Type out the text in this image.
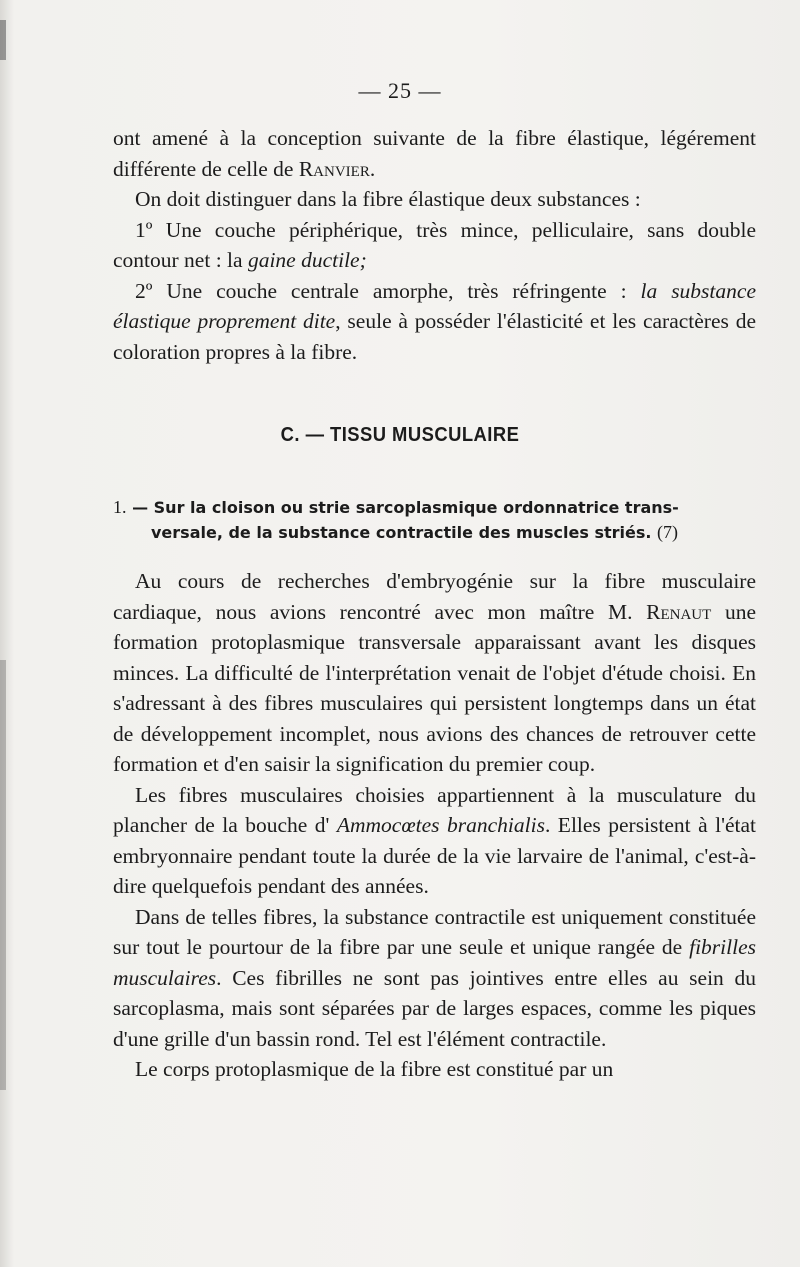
— 25 —

ont amené à la conception suivante de la fibre élastique, légérement différente de celle de Ranvier.

On doit distinguer dans la fibre élastique deux substances :

1º Une couche périphérique, très mince, pelliculaire, sans double contour net : la gaine ductile;

2º Une couche centrale amorphe, très réfringente : la substance élastique proprement dite, seule à posséder l'élasticité et les caractères de coloration propres à la fibre.

C. — TISSU MUSCULAIRE
1. — Sur la cloison ou strie sarcoplasmique ordonnatrice trans-
versale, de la substance contractile des muscles striés. (7)

Au cours de recherches d'embryogénie sur la fibre musculaire cardiaque, nous avions rencontré avec mon maître M. Renaut une formation protoplasmique transversale apparaissant avant les disques minces. La difficulté de l'interprétation venait de l'objet d'étude choisi. En s'adressant à des fibres musculaires qui persistent longtemps dans un état de développement incomplet, nous avions des chances de retrouver cette formation et d'en saisir la signification du premier coup.

Les fibres musculaires choisies appartiennent à la musculature du plancher de la bouche d' Ammocœtes branchialis. Elles persistent à l'état embryonnaire pendant toute la durée de la vie larvaire de l'animal, c'est-à-dire quelquefois pendant des années.

Dans de telles fibres, la substance contractile est uniquement constituée sur tout le pourtour de la fibre par une seule et unique rangée de fibrilles musculaires. Ces fibrilles ne sont pas jointives entre elles au sein du sarcoplasma, mais sont séparées par de larges espaces, comme les piques d'une grille d'un bassin rond. Tel est l'élément contractile.

Le corps protoplasmique de la fibre est constitué par un
